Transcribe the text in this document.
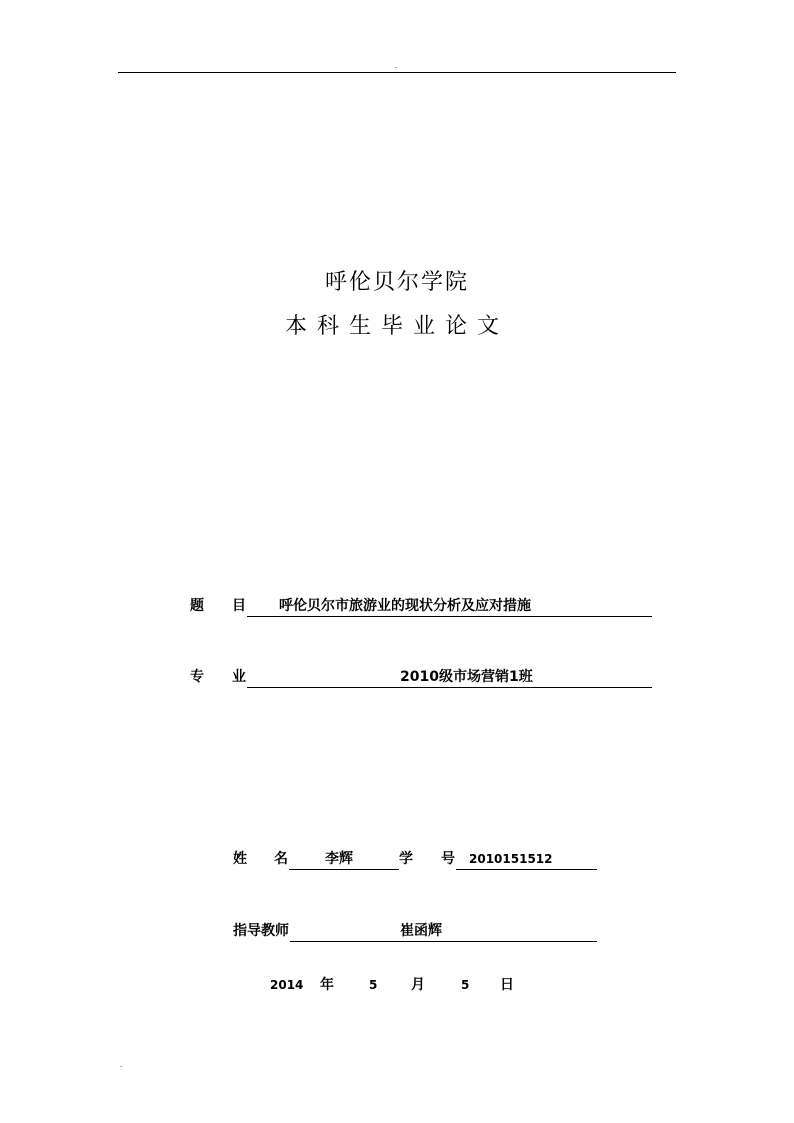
.
呼伦贝尔学院
本科生毕业论文
题 目 呼伦贝尔市旅游业的现状分析及应对措施
专 业	2010级市场营销1班
姓 名	李辉	学 号 2010151512
指导教师	崔函辉
2014 年	5 月	5 日
.
